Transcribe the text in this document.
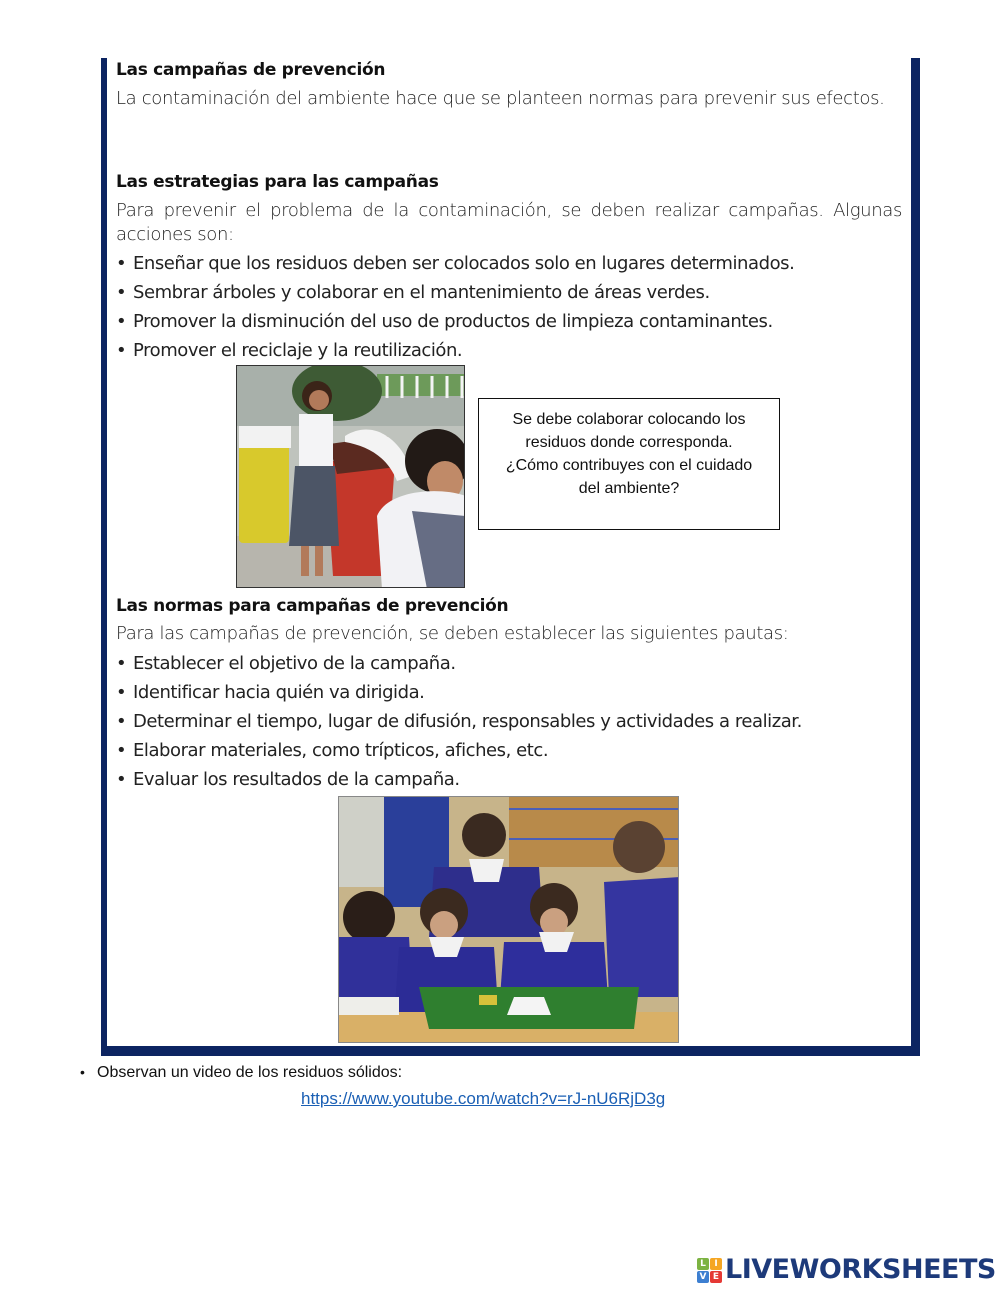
Las campañas de prevención
La contaminación del ambiente hace que se planteen normas para prevenir sus efectos.
Las estrategias para las campañas
Para prevenir el problema de la contaminación, se deben realizar campañas. Algunas acciones son:
• Enseñar que los residuos deben ser colocados solo en lugares determinados.
• Sembrar árboles y colaborar en el mantenimiento de áreas verdes.
• Promover la disminución del uso de productos de limpieza contaminantes.
• Promover el reciclaje y la reutilización.
Se debe colaborar colocando los
residuos donde corresponda.
¿Cómo contribuyes con el cuidado
del ambiente?
Las normas para campañas de prevención
Para las campañas de prevención, se deben establecer las siguientes pautas:
• Establecer el objetivo de la campaña.
• Identificar hacia quién va dirigida.
• Determinar el tiempo, lugar de difusión, responsables y actividades a realizar.
• Elaborar materiales, como trípticos, afiches, etc.
• Evaluar los resultados de la campaña.
• Observan un video de los residuos sólidos:
https://www.youtube.com/watch?v=rJ-nU6RjD3g
L I
V E LIVEWORKSHEETS
